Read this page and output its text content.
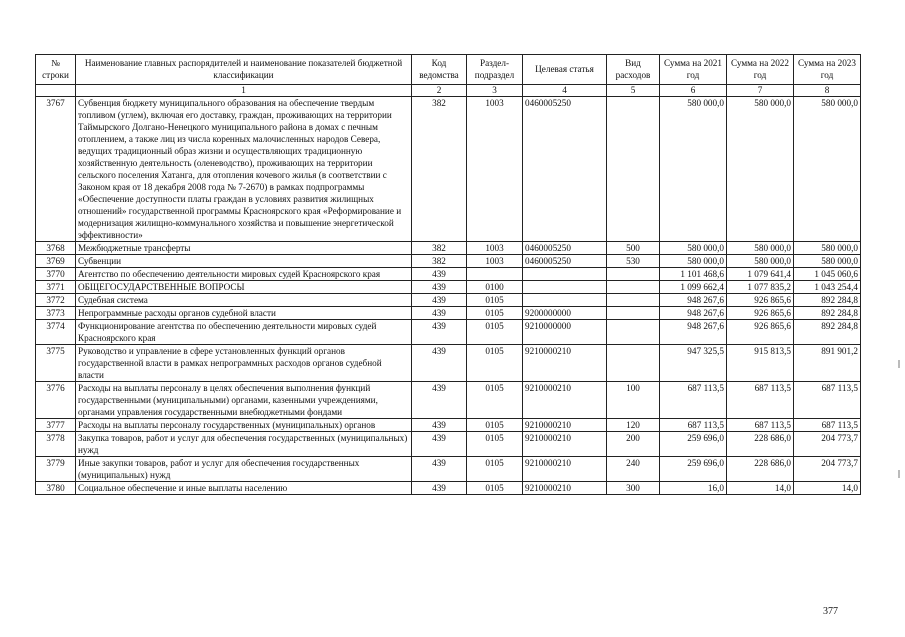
№ строки	Наименование главных распорядителей и наименование показателей бюджетной классификации	Код ведомства	Раздел-подраздел	Целевая статья	Вид расходов	Сумма на 2021 год	Сумма на 2022 год	Сумма на 2023 год
	1	2	3	4	5	6	7	8
3767	Субвенция бюджету муниципального образования на обеспечение твердым топливом (углем), включая его доставку, граждан, проживающих на территории Таймырского Долгано-Ненецкого муниципального района в домах с печным отоплением, а также лиц из числа коренных малочисленных народов Севера, ведущих традиционный образ жизни и осуществляющих традиционную хозяйственную деятельность (оленеводство), проживающих на территории сельского поселения Хатанга, для отопления кочевого жилья (в соответствии с Законом края от 18 декабря 2008 года № 7-2670) в рамках подпрограммы «Обеспечение доступности платы граждан в условиях развития жилищных отношений» государственной программы Красноярского края «Реформирование и модернизация жилищно-коммунального хозяйства и повышение энергетической эффективности»	382	1003	0460005250		580 000,0	580 000,0	580 000,0
3768	Межбюджетные трансферты	382	1003	0460005250	500	580 000,0	580 000,0	580 000,0
3769	Субвенции	382	1003	0460005250	530	580 000,0	580 000,0	580 000,0
3770	Агентство по обеспечению деятельности мировых судей Красноярского края	439				1 101 468,6	1 079 641,4	1 045 060,6
3771	ОБЩЕГОСУДАРСТВЕННЫЕ ВОПРОСЫ	439	0100			1 099 662,4	1 077 835,2	1 043 254,4
3772	Судебная система	439	0105			948 267,6	926 865,6	892 284,8
3773	Непрограммные расходы органов судебной власти	439	0105	9200000000		948 267,6	926 865,6	892 284,8
3774	Функционирование агентства по обеспечению деятельности мировых судей Красноярского края	439	0105	9210000000		948 267,6	926 865,6	892 284,8
3775	Руководство и управление в сфере установленных функций органов государственной власти в рамках непрограммных расходов органов судебной власти	439	0105	9210000210		947 325,5	915 813,5	891 901,2
3776	Расходы на выплаты персоналу в целях обеспечения выполнения функций государственными (муниципальными) органами, казенными учреждениями, органами управления государственными внебюджетными фондами	439	0105	9210000210	100	687 113,5	687 113,5	687 113,5
3777	Расходы на выплаты персоналу государственных (муниципальных) органов	439	0105	9210000210	120	687 113,5	687 113,5	687 113,5
3778	Закупка товаров, работ и услуг для обеспечения государственных (муниципальных) нужд	439	0105	9210000210	200	259 696,0	228 686,0	204 773,7
3779	Иные закупки товаров, работ и услуг для обеспечения государственных (муниципальных) нужд	439	0105	9210000210	240	259 696,0	228 686,0	204 773,7
3780	Социальное обеспечение и иные выплаты населению	439	0105	9210000210	300	16,0	14,0	14,0
377
